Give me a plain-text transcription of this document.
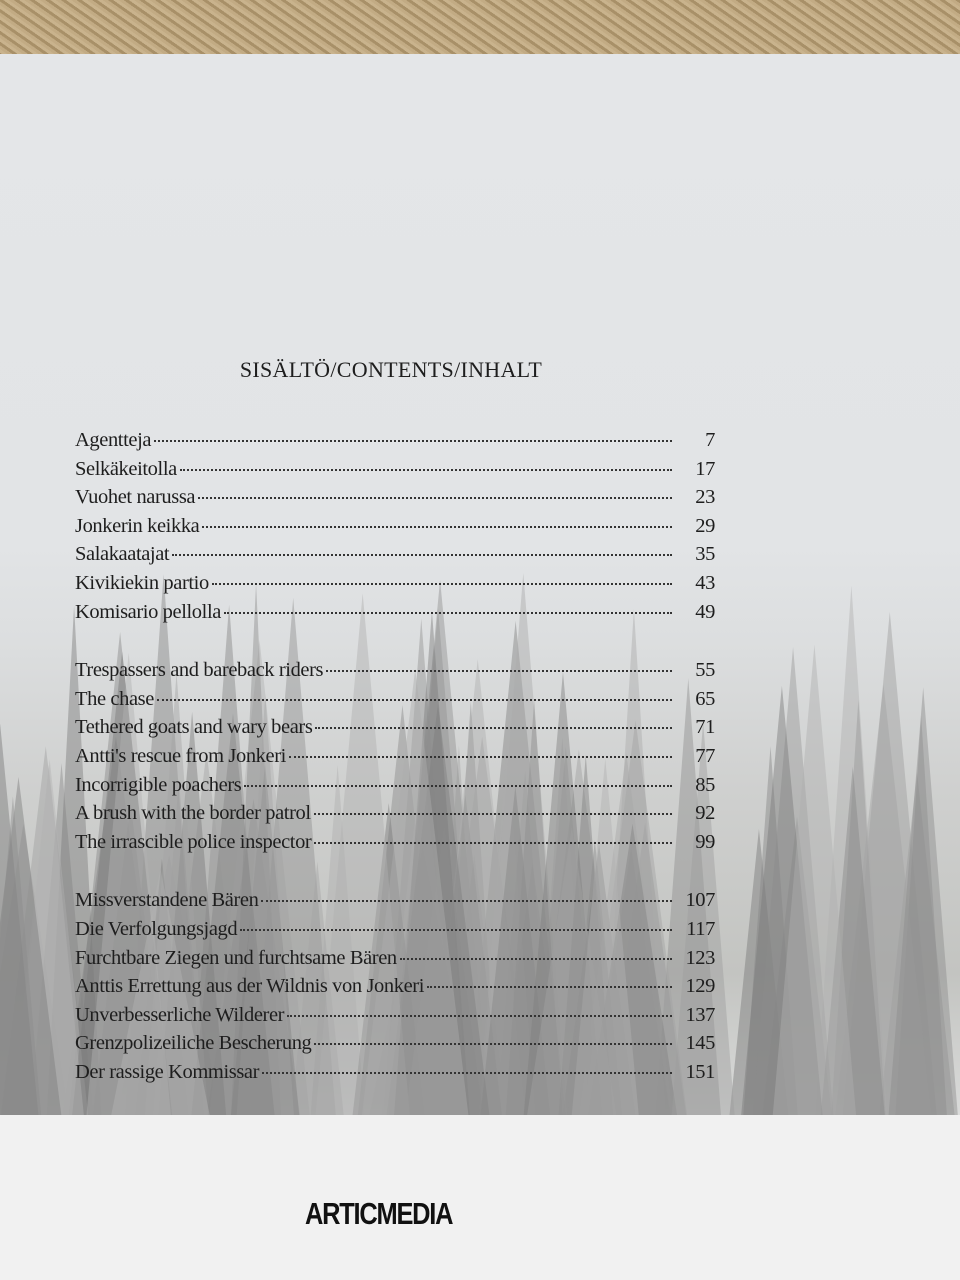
SISÄLTÖ/CONTENTS/INHALT
Agentteja	7
Selkäkeitolla	17
Vuohet narussa	23
Jonkerin keikka	29
Salakaatajat	35
Kivikiekin partio	43
Komisario pellolla	49
Trespassers and bareback riders	55
The chase	65
Tethered goats and wary bears	71
Antti's rescue from Jonkeri	77
Incorrigible poachers	85
A brush with the border patrol	92
The irrascible police inspector	99
Missverstandene Bären	107
Die Verfolgungsjagd	117
Furchtbare Ziegen und furchtsame Bären	123
Anttis Errettung aus der Wildnis von Jonkeri	129
Unverbesserliche Wilderer	137
Grenzpolizeiliche Bescherung	145
Der rassige Kommissar	151
ARTICMEDIA
